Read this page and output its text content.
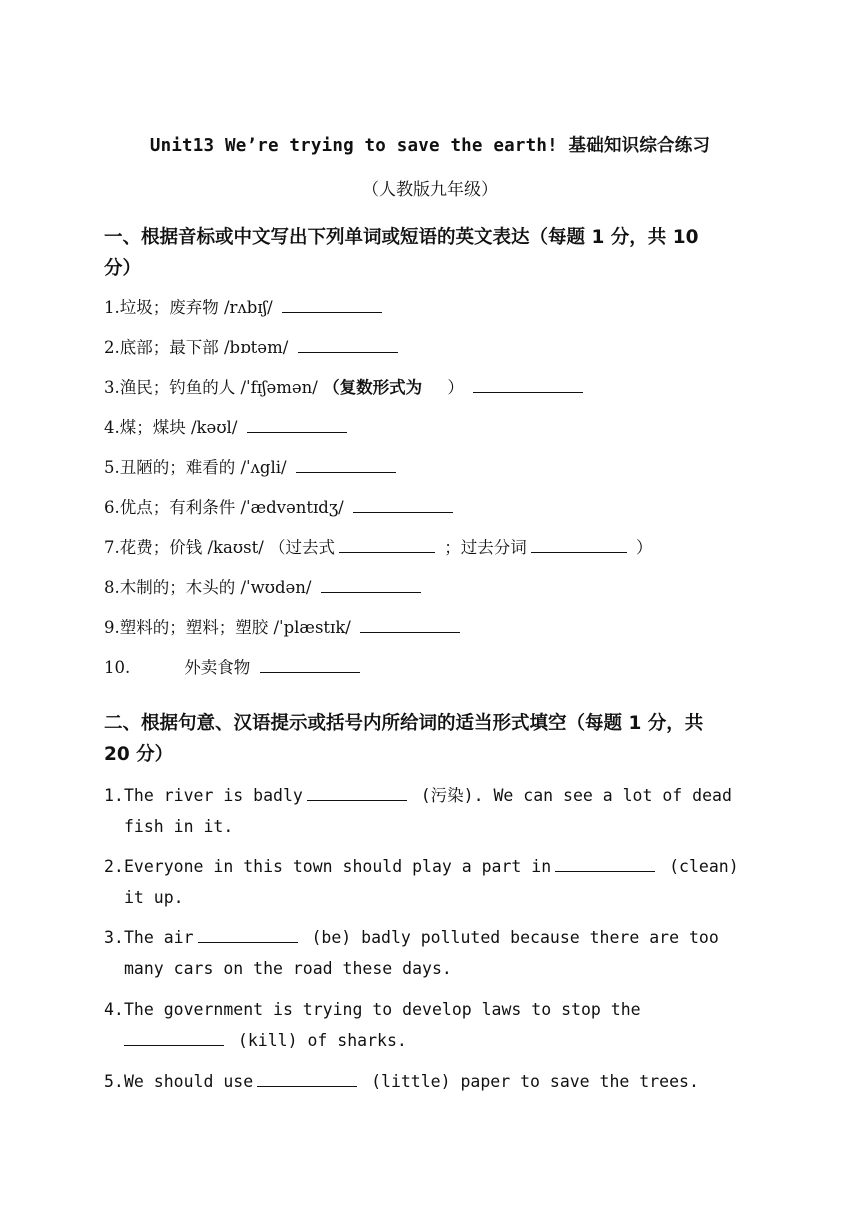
Unit13 We’re trying to save the earth! 基础知识综合练习
（人教版九年级）
一、根据音标或中文写出下列单词或短语的英文表达（每题 1 分，共 10
分）
1.垃圾；废弃物 /rʌbɪʃ/
2.底部；最下部 /bɒtəm/
3.渔民；钓鱼的人 /ˈfɪʃəmən/ （复数形式为 ）
4.煤；煤块 /kəʊl/
5.丑陋的；难看的 /ˈʌgli/
6.优点；有利条件 /ˈædvəntɪdʒ/
7.花费；价钱 /kaʊst/ （过去式	；过去分词	）
8.木制的；木头的 /ˈwʊdən/
9.塑料的；塑料；塑胶 /ˈplæstɪk/
10.	外卖食物
二、根据句意、汉语提示或括号内所给词的适当形式填空（每题 1 分，共
20 分）
1. The river is badly	(污染). We can see a lot of dead
fish in it.
2. Everyone in this town should play a part in	(clean)
it up.
3. The air	(be) badly polluted because there are too
many cars on the road these days.
4. The government is trying to develop laws to stop the
(kill) of sharks.
5. We should use	(little) paper to save the trees.
